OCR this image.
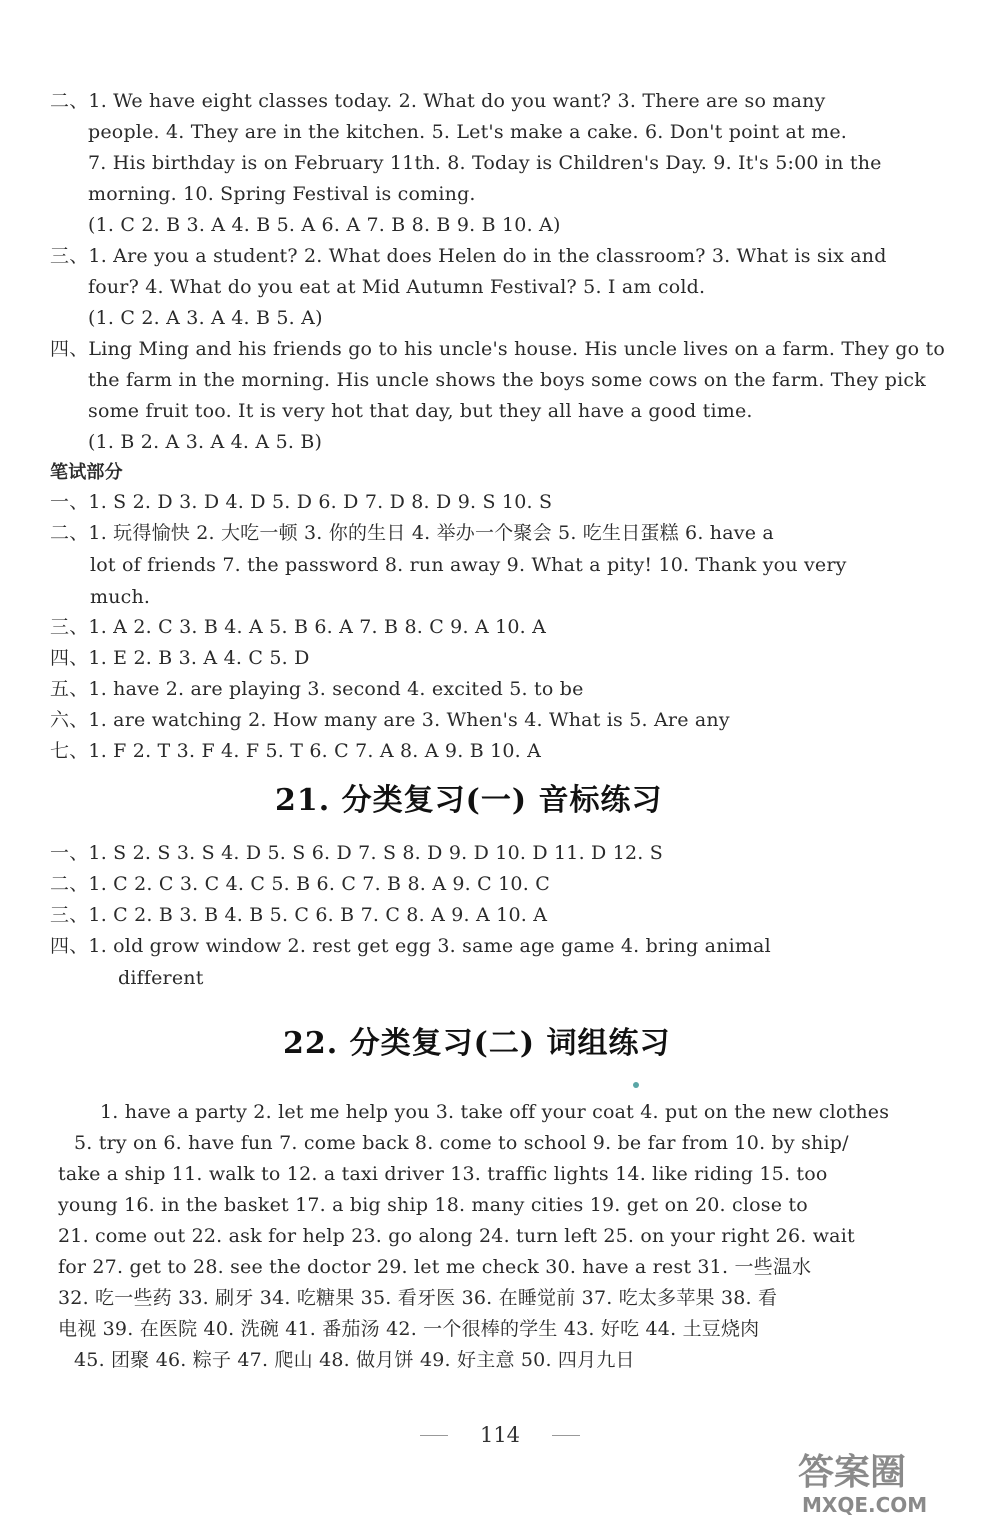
二、1. We have eight classes today. 2. What do you want? 3. There are so many
people. 4. They are in the kitchen. 5. Let's make a cake. 6. Don't point at me.
7. His birthday is on February 11th. 8. Today is Children's Day. 9. It's 5:00 in the
morning. 10. Spring Festival is coming.
(1. C 2. B 3. A 4. B 5. A 6. A 7. B 8. B 9. B 10. A)
三、1. Are you a student? 2. What does Helen do in the classroom? 3. What is six and
four? 4. What do you eat at Mid Autumn Festival? 5. I am cold.
(1. C 2. A 3. A 4. B 5. A)
四、Ling Ming and his friends go to his uncle's house. His uncle lives on a farm. They go to
the farm in the morning. His uncle shows the boys some cows on the farm. They pick
some fruit too. It is very hot that day, but they all have a good time.
(1. B 2. A 3. A 4. A 5. B)
笔试部分
一、1. S 2. D 3. D 4. D 5. D 6. D 7. D 8. D 9. S 10. S
二、1. 玩得愉快 2. 大吃一顿 3. 你的生日 4. 举办一个聚会 5. 吃生日蛋糕 6. have a
lot of friends 7. the password 8. run away 9. What a pity! 10. Thank you very
much.
三、1. A 2. C 3. B 4. A 5. B 6. A 7. B 8. C 9. A 10. A
四、1. E 2. B 3. A 4. C 5. D
五、1. have 2. are playing 3. second 4. excited 5. to be
六、1. are watching 2. How many are 3. When's 4. What is 5. Are any
七、1. F 2. T 3. F 4. F 5. T 6. C 7. A 8. A 9. B 10. A
21. 分类复习(一) 音标练习
一、1. S 2. S 3. S 4. D 5. S 6. D 7. S 8. D 9. D 10. D 11. D 12. S
二、1. C 2. C 3. C 4. C 5. B 6. C 7. B 8. A 9. C 10. C
三、1. C 2. B 3. B 4. B 5. C 6. B 7. C 8. A 9. A 10. A
四、1. old grow window 2. rest get egg 3. same age game 4. bring animal
different
22. 分类复习(二) 词组练习
1. have a party 2. let me help you 3. take off your coat 4. put on the new clothes
5. try on 6. have fun 7. come back 8. come to school 9. be far from 10. by ship/
take a ship 11. walk to 12. a taxi driver 13. traffic lights 14. like riding 15. too
young 16. in the basket 17. a big ship 18. many cities 19. get on 20. close to
21. come out 22. ask for help 23. go along 24. turn left 25. on your right 26. wait
for 27. get to 28. see the doctor 29. let me check 30. have a rest 31. 一些温水
32. 吃一些药 33. 刷牙 34. 吃糖果 35. 看牙医 36. 在睡觉前 37. 吃太多苹果 38. 看
电视 39. 在医院 40. 洗碗 41. 番茄汤 42. 一个很棒的学生 43. 好吃 44. 土豆烧肉
45. 团聚 46. 粽子 47. 爬山 48. 做月饼 49. 好主意 50. 四月九日
114
答案圈
MXQE.COM
